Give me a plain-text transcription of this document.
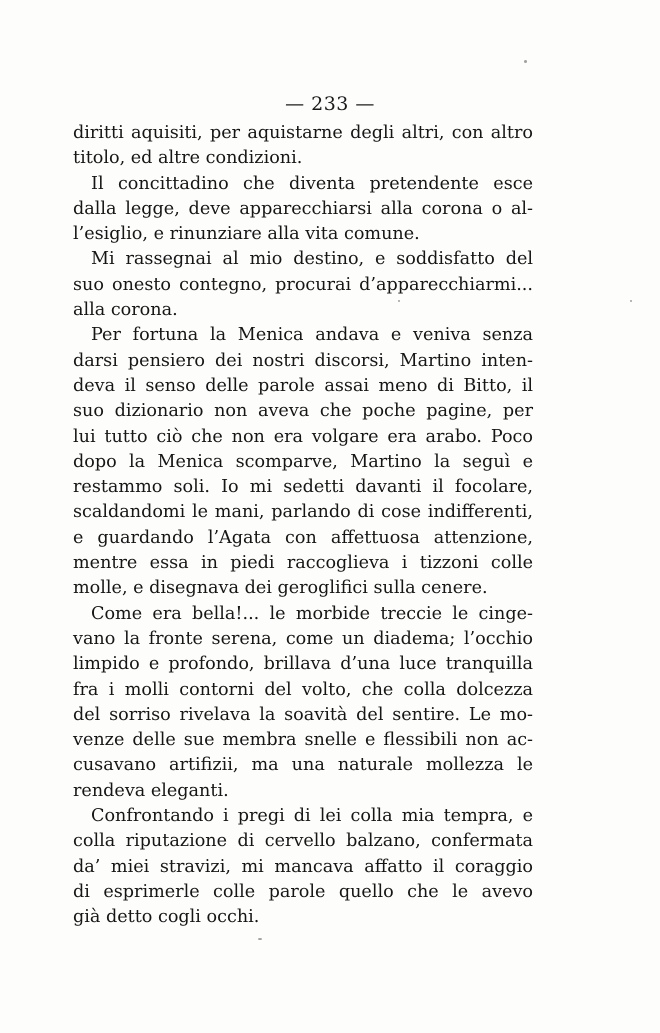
— 233 —
diritti aquisiti, per aquistarne degli altri, con altro
titolo, ed altre condizioni.
Il concittadino che diventa pretendente esce
dalla legge, deve apparecchiarsi alla corona o al-
l’esiglio, e rinunziare alla vita comune.
Mi rassegnai al mio destino, e soddisfatto del
suo onesto contegno, procurai d’apparecchiarmi...
alla corona.
Per fortuna la Menica andava e veniva senza
darsi pensiero dei nostri discorsi, Martino inten-
deva il senso delle parole assai meno di Bitto, il
suo dizionario non aveva che poche pagine, per
lui tutto ciò che non era volgare era arabo. Poco
dopo la Menica scomparve, Martino la seguì e
restammo soli. Io mi sedetti davanti il focolare,
scaldandomi le mani, parlando di cose indifferenti,
e guardando l’Agata con affettuosa attenzione,
mentre essa in piedi raccoglieva i tizzoni colle
molle, e disegnava dei geroglifici sulla cenere.
Come era bella!... le morbide treccie le cinge-
vano la fronte serena, come un diadema; l’occhio
limpido e profondo, brillava d’una luce tranquilla
fra i molli contorni del volto, che colla dolcezza
del sorriso rivelava la soavità del sentire. Le mo-
venze delle sue membra snelle e flessibili non ac-
cusavano artifizii, ma una naturale mollezza le
rendeva eleganti.
Confrontando i pregi di lei colla mia tempra, e
colla riputazione di cervello balzano, confermata
da’ miei stravizi, mi mancava affatto il coraggio
di esprimerle colle parole quello che le avevo
già detto cogli occhi.
